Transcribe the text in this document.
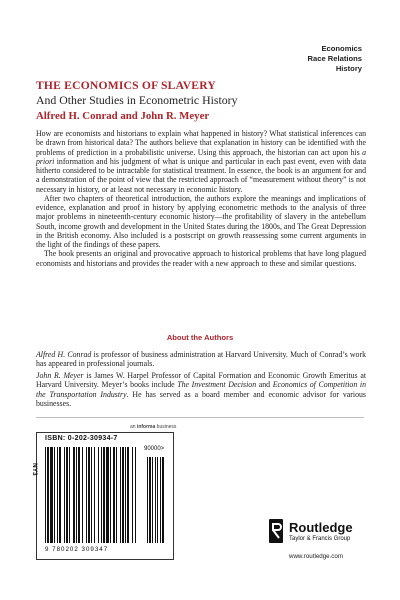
Economics
Race Relations
History
THE ECONOMICS OF SLAVERY
And Other Studies in Econometric History
Alfred H. Conrad and John R. Meyer

How are economists and historians to explain what happened in history? What statistical inferences can be drawn from historical data? The authors believe that explanation in history can be identified with the problems of prediction in a probabilistic universe. Using this approach, the historian can act upon his a priori information and his judgment of what is unique and particular in each past event, even with data hitherto considered to be intractable for statistical treatment. In essence, the book is an argument for and a demonstration of the point of view that the restricted approach of “measurement without theory” is not necessary in history, or at least not necessary in economic history.

After two chapters of theoretical introduction, the authors explore the meanings and implications of evidence, explanation and proof in history by applying econometric methods to the analysis of three major problems in nineteenth-century economic history—the profitability of slavery in the antebellum South, income growth and development in the United States during the 1800s, and The Great Depression in the British economy. Also included is a postscript on growth reassessing some current arguments in the light of the findings of these papers.

The book presents an original and provocative approach to historical problems that have long plagued economists and historians and provides the reader with a new approach to these and similar questions.

About the Authors

Alfred H. Conrad is professor of business administration at Harvard University. Much of Conrad’s work has appeared in professional journals.

John R. Meyer is James W. Harpel Professor of Capital Formation and Economic Growth Emeritus at Harvard University. Meyer’s books include The Investment Decision and Economics of Competition in the Transportation Industry. He has served as a board member and economic advisor for various businesses.

an informa business
ISBN: 0-202-30934-7
NY3
90000>
9 780202 309347
Routledge
Taylor & Francis Group
www.routledge.com
